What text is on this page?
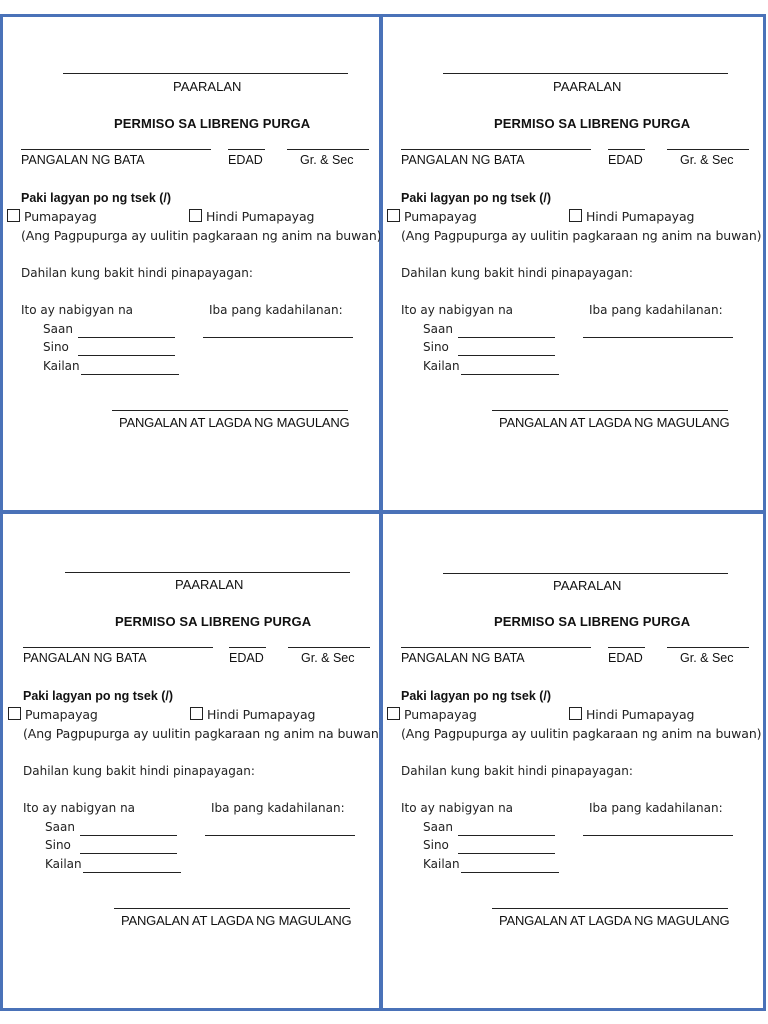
PAARALAN
PERMISO SA LIBRENG PURGA
PANGALAN NG BATA	EDAD	Gr. & Sec
Paki lagyan po ng tsek (/)
Pumapayag	Hindi Pumapayag
(Ang Pagpupurga ay uulitin pagkaraan ng anim na buwan)
Dahilan kung bakit hindi pinapayagan:
Ito ay nabigyan na	Iba pang kadahilanan:
Saan
Sino
Kailan
PANGALAN AT LAGDA NG MAGULANG
PAARALAN
PERMISO SA LIBRENG PURGA
PANGALAN NG BATA	EDAD	Gr. & Sec
Paki lagyan po ng tsek (/)
Pumapayag	Hindi Pumapayag
(Ang Pagpupurga ay uulitin pagkaraan ng anim na buwan)
Dahilan kung bakit hindi pinapayagan:
Ito ay nabigyan na	Iba pang kadahilanan:
Saan
Sino
Kailan
PANGALAN AT LAGDA NG MAGULANG
PAARALAN
PERMISO SA LIBRENG PURGA
PANGALAN NG BATA	EDAD	Gr. & Sec
Paki lagyan po ng tsek (/)
Pumapayag	Hindi Pumapayag
(Ang Pagpupurga ay uulitin pagkaraan ng anim na buwan)
Dahilan kung bakit hindi pinapayagan:
Ito ay nabigyan na	Iba pang kadahilanan:
Saan
Sino
Kailan
PANGALAN AT LAGDA NG MAGULANG
PAARALAN
PERMISO SA LIBRENG PURGA
PANGALAN NG BATA	EDAD	Gr. & Sec
Paki lagyan po ng tsek (/)
Pumapayag	Hindi Pumapayag
(Ang Pagpupurga ay uulitin pagkaraan ng anim na buwan)
Dahilan kung bakit hindi pinapayagan:
Ito ay nabigyan na	Iba pang kadahilanan:
Saan
Sino
Kailan
PANGALAN AT LAGDA NG MAGULANG
